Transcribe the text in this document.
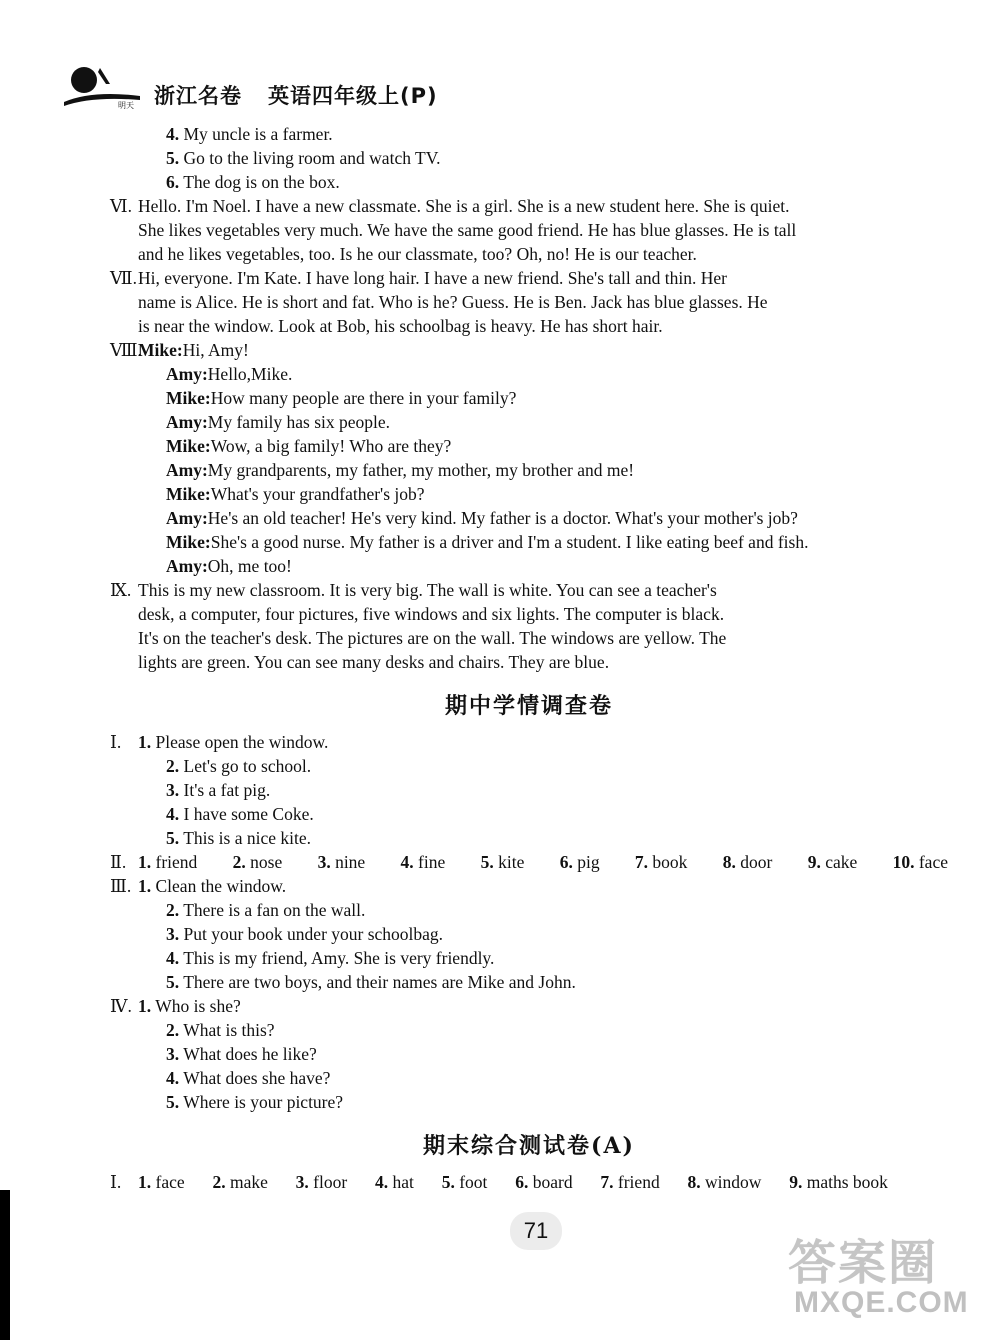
明天 浙江名卷 英语四年级上(P)
4. My uncle is a farmer.
5. Go to the living room and watch TV.
6. The dog is on the box.
Ⅵ. Hello. I'm Noel. I have a new classmate. She is a girl. She is a new student here. She is quiet.
She likes vegetables very much. We have the same good friend. He has blue glasses. He is tall
and he likes vegetables, too. Is he our classmate, too? Oh, no! He is our teacher.
Ⅶ. Hi, everyone. I'm Kate. I have long hair. I have a new friend. She's tall and thin. Her
name is Alice. He is short and fat. Who is he? Guess. He is Ben. Jack has blue glasses. He
is near the window. Look at Bob, his schoolbag is heavy. He has short hair.
Ⅷ.
Mike:Hi, Amy!
Amy:Hello,Mike.
Mike:How many people are there in your family?
Amy:My family has six people.
Mike:Wow, a big family! Who are they?
Amy:My grandparents, my father, my mother, my brother and me!
Mike:What's your grandfather's job?
Amy:He's an old teacher! He's very kind. My father is a doctor. What's your mother's job?
Mike:She's a good nurse. My father is a driver and I'm a student. I like eating beef and fish.
Amy:Oh, me too!
Ⅸ. This is my new classroom. It is very big. The wall is white. You can see a teacher's
desk, a computer, four pictures, five windows and six lights. The computer is black.
It's on the teacher's desk. The pictures are on the wall. The windows are yellow. The
lights are green. You can see many desks and chairs. They are blue.
期中学情调查卷
Ⅰ. 1. Please open the window.
2. Let's go to school.
3. It's a fat pig.
4. I have some Coke.
5. This is a nice kite.
Ⅱ. 1. friend 2. nose 3. nine 4. fine 5. kite 6. pig 7. book 8. door 9. cake 10. face
Ⅲ. 1. Clean the window.
2. There is a fan on the wall.
3. Put your book under your schoolbag.
4. This is my friend, Amy. She is very friendly.
5. There are two boys, and their names are Mike and John.
Ⅳ. 1. Who is she?
2. What is this?
3. What does he like?
4. What does she have?
5. Where is your picture?
期末综合测试卷(A)
Ⅰ. 1. face 2. make 3. floor 4. hat 5. foot 6. board 7. friend 8. window 9. maths book
71
答案圈
MXQE.COM
